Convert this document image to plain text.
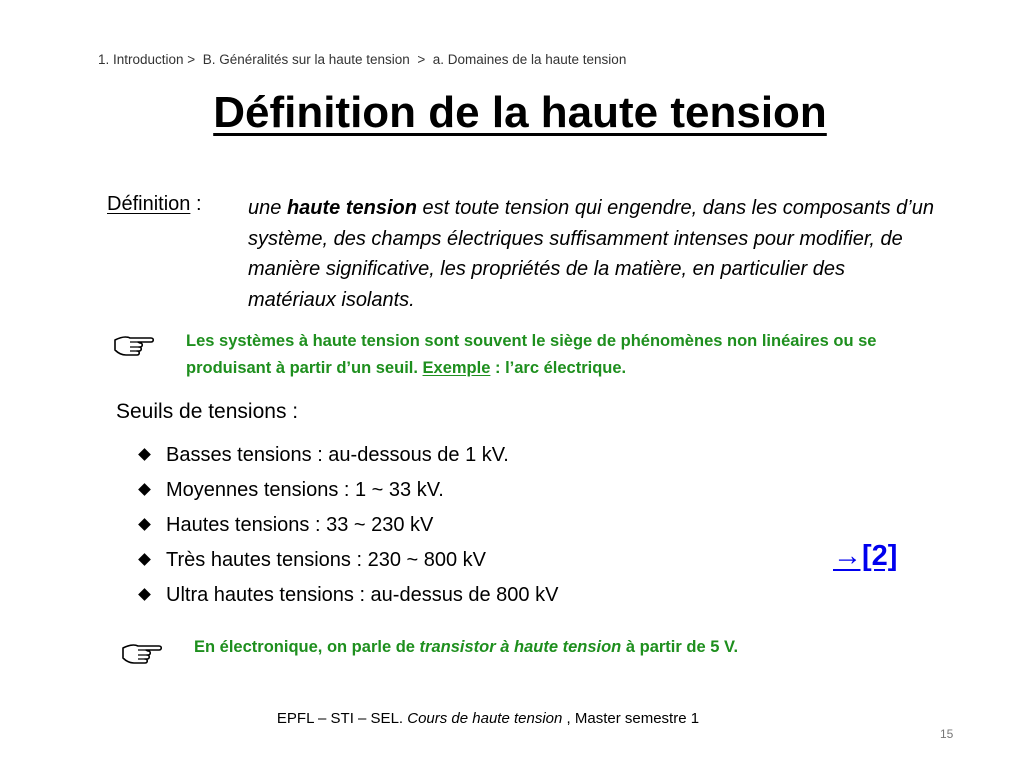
1. Introduction >  B. Généralités sur la haute tension  >  a. Domaines de la haute tension
Définition de la haute tension
Définition : une haute tension est toute tension qui engendre, dans les composants d’un système, des champs électriques suffisamment intenses pour modifier, de manière significative, les propriétés de la matière, en particulier des matériaux isolants.
Les systèmes à haute tension sont souvent le siège de phénomènes non linéaires ou se produisant à partir d’un seuil. Exemple : l’arc électrique.
Seuils de tensions :
Basses tensions : au-dessous de 1 kV.
Moyennes tensions : 1 ~ 33 kV.
Hautes tensions : 33 ~ 230 kV
Très hautes tensions : 230 ~ 800 kV
Ultra hautes tensions : au-dessus de 800 kV
→[2]
En électronique, on parle de transistor à haute tension à partir de 5 V.
EPFL – STI – SEL. Cours de haute tension , Master semestre 1
15
